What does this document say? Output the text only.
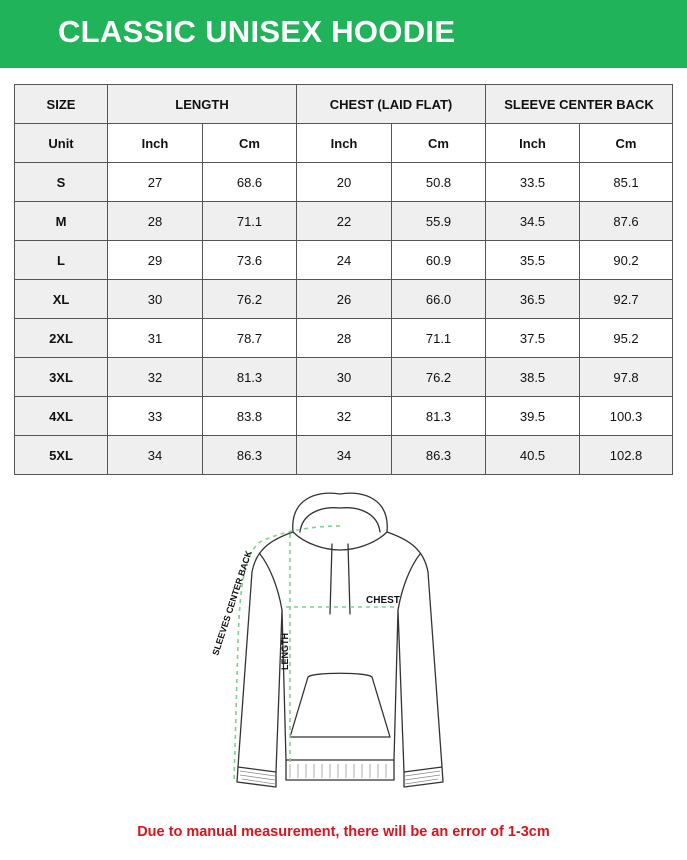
CLASSIC UNISEX HOODIE
SIZE	LENGTH		CHEST (LAID FLAT)		SLEEVE CENTER BACK	
Unit	Inch	Cm	Inch	Cm	Inch	Cm
S	27	68.6	20	50.8	33.5	85.1
M	28	71.1	22	55.9	34.5	87.6
L	29	73.6	24	60.9	35.5	90.2
XL	30	76.2	26	66.0	36.5	92.7
2XL	31	78.7	28	71.1	37.5	95.2
3XL	32	81.3	30	76.2	38.5	97.8
4XL	33	83.8	32	81.3	39.5	100.3
5XL	34	86.3	34	86.3	40.5	102.8
CHEST
LENGTH
SLEEVES CENTER BACK
Due to manual measurement, there will be an error of 1-3cm
